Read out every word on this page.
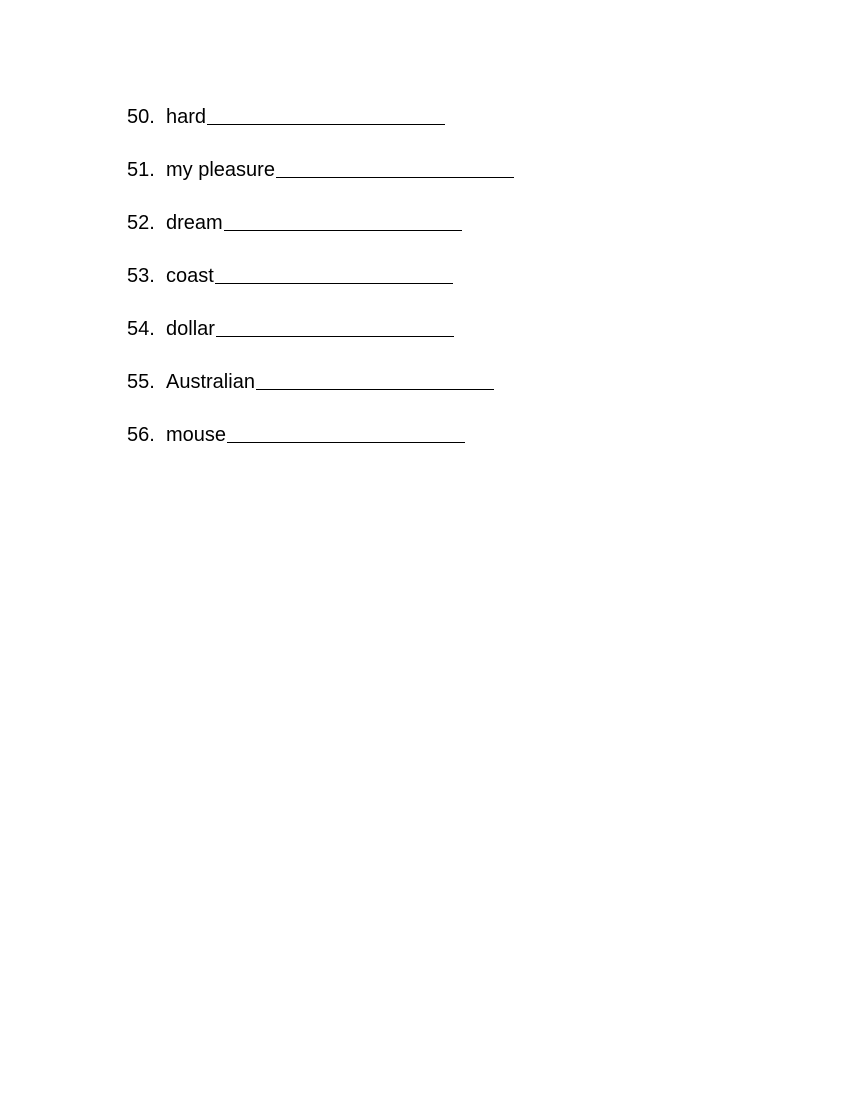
50. hard
51. my pleasure
52. dream
53. coast
54. dollar
55. Australian
56. mouse
